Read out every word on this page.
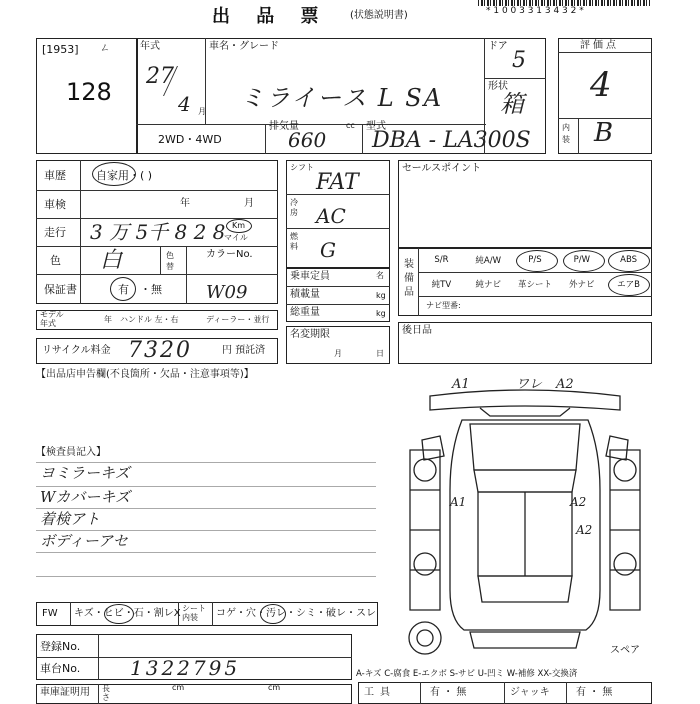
出 品 票 (状態説明書)	* 1 0 0 3 3 1 3 4 3 2 *
[1953] ㄥ
128
年式
27
4 月
車名・グレード
ミライース L SA
ドア
5
形状
箱
2WD・4WD
排気量	cc
660
型式
DBA - LA300S
評価点
4
内装 B
車歴	自家用・( )
車検	年	月
走行 3 万 5千 8 2 8 Km
マイル
色 白	色替
保証書	有 ・無
カラーNo.
W09
モデル年式	年 ハンドル 左・右	ディーラー・並行
リサイクル料金 7320	円 預託済
【出品店申告欄(不良箇所・欠品・注意事項等)】
シフト
FAT
冷房 AC
燃料 G
乗車定員	名
積載量	kg
総重量	kg
名変期限
月	日
セールスポイント
装備品
S/R	純A/W	P/S	P/W	ABS
純TV	純ナビ	革シート	外ナビ	エアB
ナビ型番:
後日品
【検査員記入】
ヨミラーキズ
Wカバーキズ
着検アト
ボディーアセ
A1	ワレ A2
A1	A2
A2
スペア
FW キズ・ヒビ・石・割レX シート内装	コゲ・穴・汚レ・シミ・破レ・スレ
登録No.
車台No. 1322795
車庫証明用 長さ
cm	cm
A-キズ C-腐食 E-エクボ S-サビ U-凹ミ W-補修 XX-交換済
工具	有 ・ 無	ジャッキ	有 ・ 無
